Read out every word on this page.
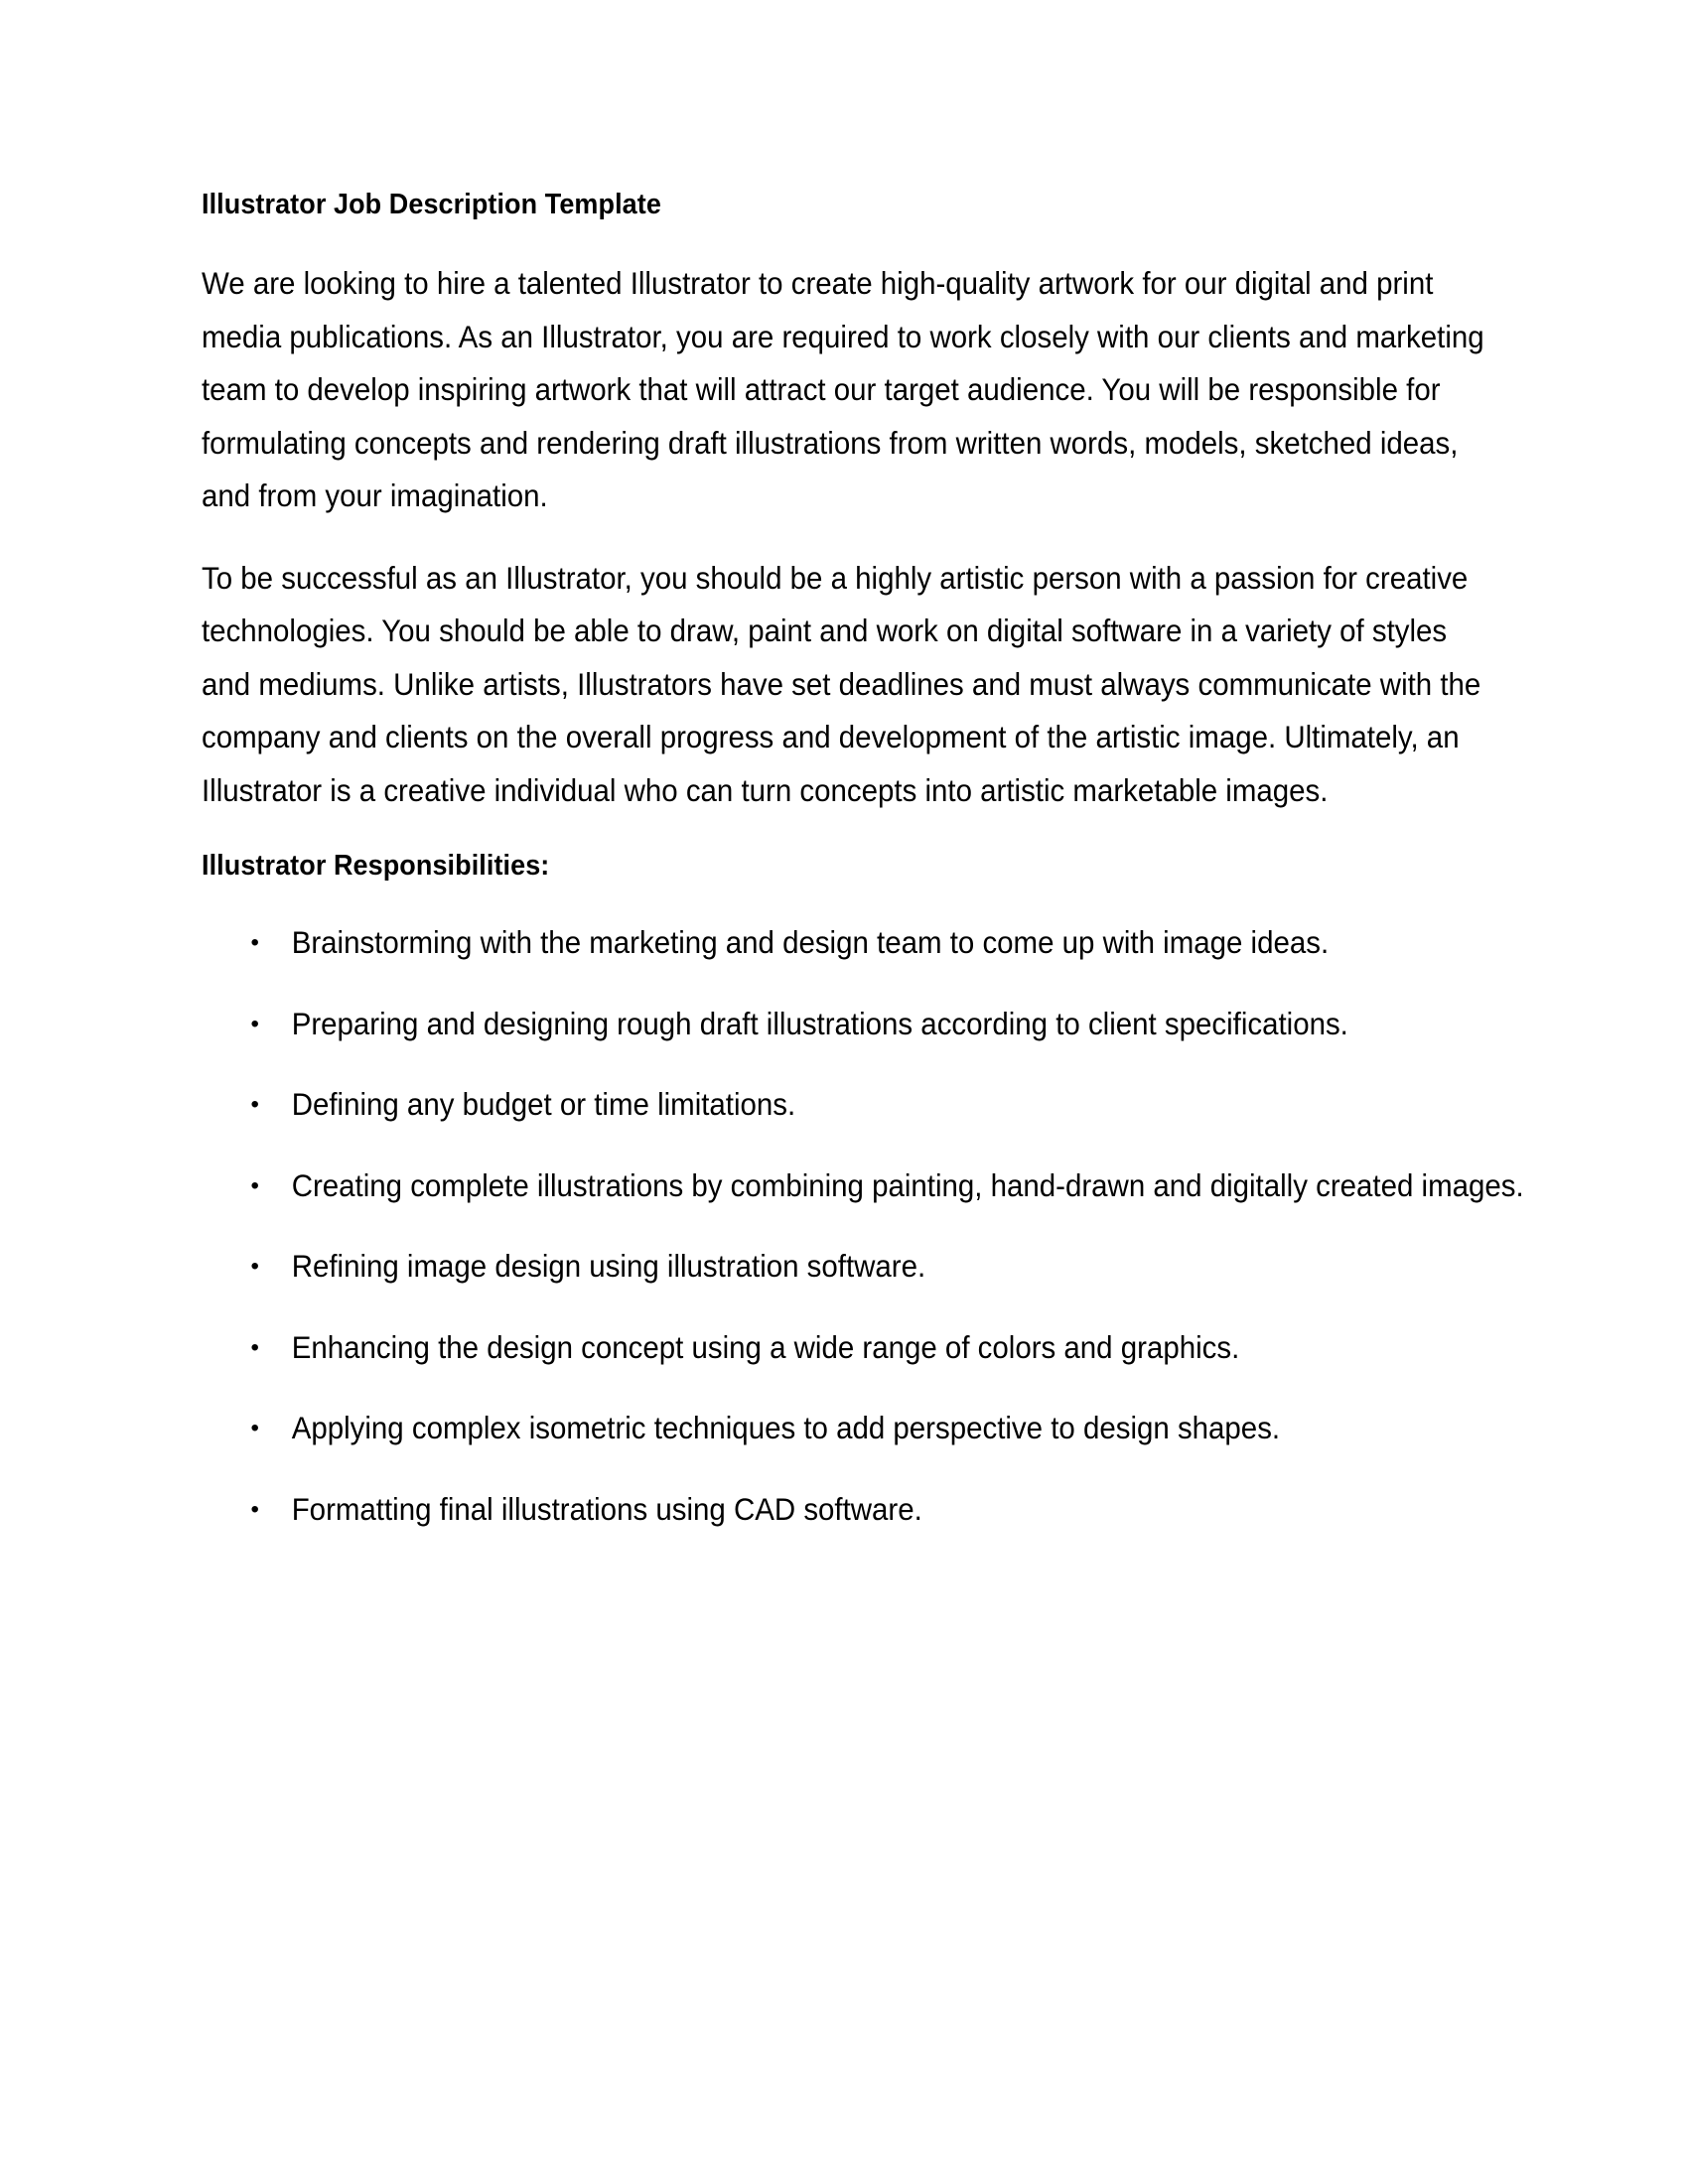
Illustrator Job Description Template

We are looking to hire a talented Illustrator to create high-quality artwork for our digital and print media publications. As an Illustrator, you are required to work closely with our clients and marketing team to develop inspiring artwork that will attract our target audience. You will be responsible for formulating concepts and rendering draft illustrations from written words, models, sketched ideas, and from your imagination.

To be successful as an Illustrator, you should be a highly artistic person with a passion for creative technologies. You should be able to draw, paint and work on digital software in a variety of styles and mediums. Unlike artists, Illustrators have set deadlines and must always communicate with the company and clients on the overall progress and development of the artistic image. Ultimately, an Illustrator is a creative individual who can turn concepts into artistic marketable images.

Illustrator Responsibilities:
• Brainstorming with the marketing and design team to come up with image ideas.
• Preparing and designing rough draft illustrations according to client specifications.
• Defining any budget or time limitations.
• Creating complete illustrations by combining painting, hand-drawn and digitally created images.
• Refining image design using illustration software.
• Enhancing the design concept using a wide range of colors and graphics.
• Applying complex isometric techniques to add perspective to design shapes.
• Formatting final illustrations using CAD software.
